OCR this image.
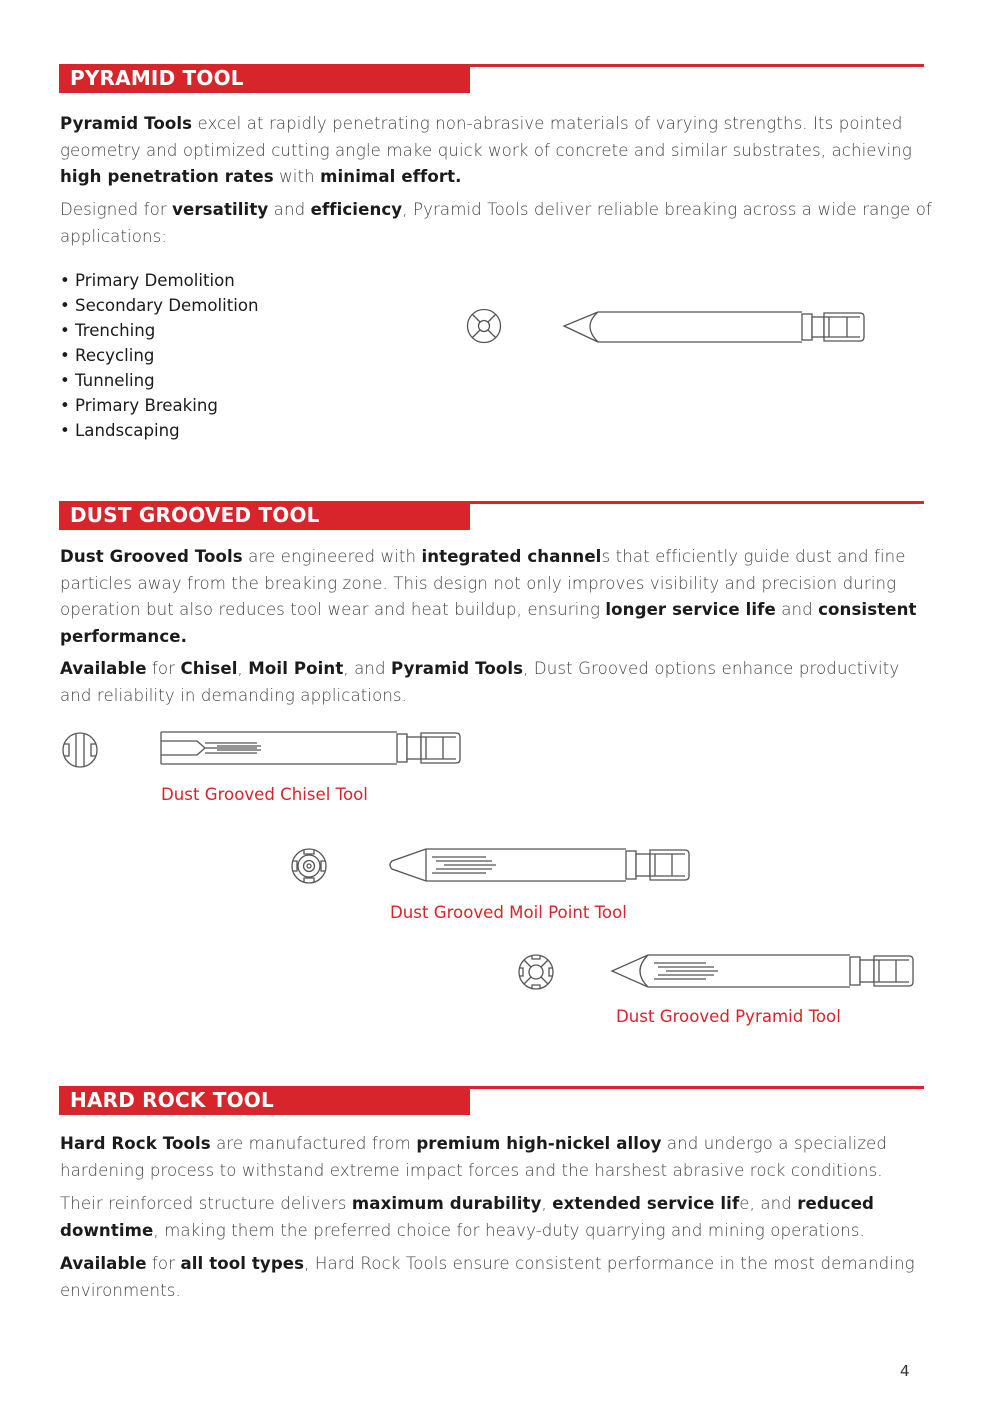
PYRAMID TOOL

Pyramid Tools excel at rapidly penetrating non-abrasive materials of varying strengths. Its pointed geometry and optimized cutting angle make quick work of concrete and similar substrates, achieving high penetration rates with minimal effort.

Designed for versatility and efficiency, Pyramid Tools deliver reliable breaking across a wide range of applications:

• Primary Demolition
• Secondary Demolition
• Trenching
• Recycling
• Tunneling
• Primary Breaking
• Landscaping
DUST GROOVED TOOL

Dust Grooved Tools are engineered with integrated channels that efficiently guide dust and fine particles away from the breaking zone. This design not only improves visibility and precision during operation but also reduces tool wear and heat buildup, ensuring longer service life and consistent performance.

Available for Chisel, Moil Point, and Pyramid Tools, Dust Grooved options enhance productivity and reliability in demanding applications.

Dust Grooved Chisel Tool
Dust Grooved Moil Point Tool
Dust Grooved Pyramid Tool
HARD ROCK TOOL

Hard Rock Tools are manufactured from premium high-nickel alloy and undergo a specialized hardening process to withstand extreme impact forces and the harshest abrasive rock conditions.

Their reinforced structure delivers maximum durability, extended service life, and reduced downtime, making them the preferred choice for heavy-duty quarrying and mining operations.

Available for all tool types, Hard Rock Tools ensure consistent performance in the most demanding environments.

4
